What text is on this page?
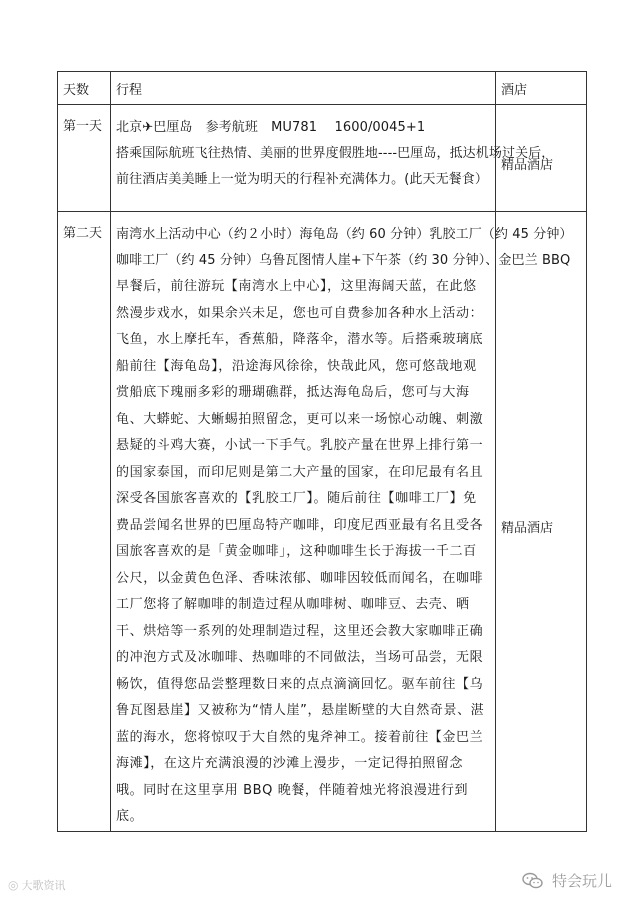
天数	行程	酒店
第一天	北京✈巴厘岛　参考航班　MU781　 1600/0045+1
搭乘国际航班飞往热情、美丽的世界度假胜地----巴厘岛，抵达机场过关后，
前往酒店美美睡上一觉为明天的行程补充满体力。(此天无餐食）	精品酒店
第二天	南湾水上活动中心（约２小时）海龟岛（约 60 分钟）乳胶工厂（约 45 分钟）
咖啡工厂（约 45 分钟）乌鲁瓦图情人崖+下午茶（约 30 分钟）、金巴兰 BBQ
早餐后，前往游玩【南湾水上中心】，这里海阔天蓝，在此悠然漫步戏水，如果余兴未足，您也可自费参加各种水上活动：飞鱼，水上摩托车，香蕉船，降落伞，潜水等。后搭乘玻璃底船前往【海龟岛】，沿途海风徐徐，快哉此风，您可悠哉地观赏船底下瑰丽多彩的珊瑚礁群，抵达海龟岛后，您可与大海龟、大蟒蛇、大蜥蜴拍照留念，更可以来一场惊心动魄、刺激悬疑的斗鸡大赛，小试一下手气。乳胶产量在世界上排行第一的国家泰国，而印尼则是第二大产量的国家，在印尼最有名且深受各国旅客喜欢的【乳胶工厂】。随后前往【咖啡工厂】免费品尝闻名世界的巴厘岛特产咖啡，印度尼西亚最有名且受各国旅客喜欢的是「黄金咖啡」，这种咖啡生长于海拔一千二百公尺，以金黄色色泽、香味浓郁、咖啡因较低而闻名，在咖啡工厂您将了解咖啡的制造过程从咖啡树、咖啡豆、去壳、晒干、烘焙等一系列的处理制造过程，这里还会教大家咖啡正确的冲泡方式及冰咖啡、热咖啡的不同做法，当场可品尝，无限畅饮，值得您品尝整理数日来的点点滴滴回忆。驱车前往【乌鲁瓦图悬崖】又被称为“情人崖”，悬崖断壁的大自然奇景、湛蓝的海水，您将惊叹于大自然的鬼斧神工。接着前往【金巴兰海滩】，在这片充满浪漫的沙滩上漫步，一定记得拍照留念哦。同时在这里享用 BBQ 晚餐，伴随着烛光将浪漫进行到底。	精品酒店
◎ 大歌资讯	特会玩儿
